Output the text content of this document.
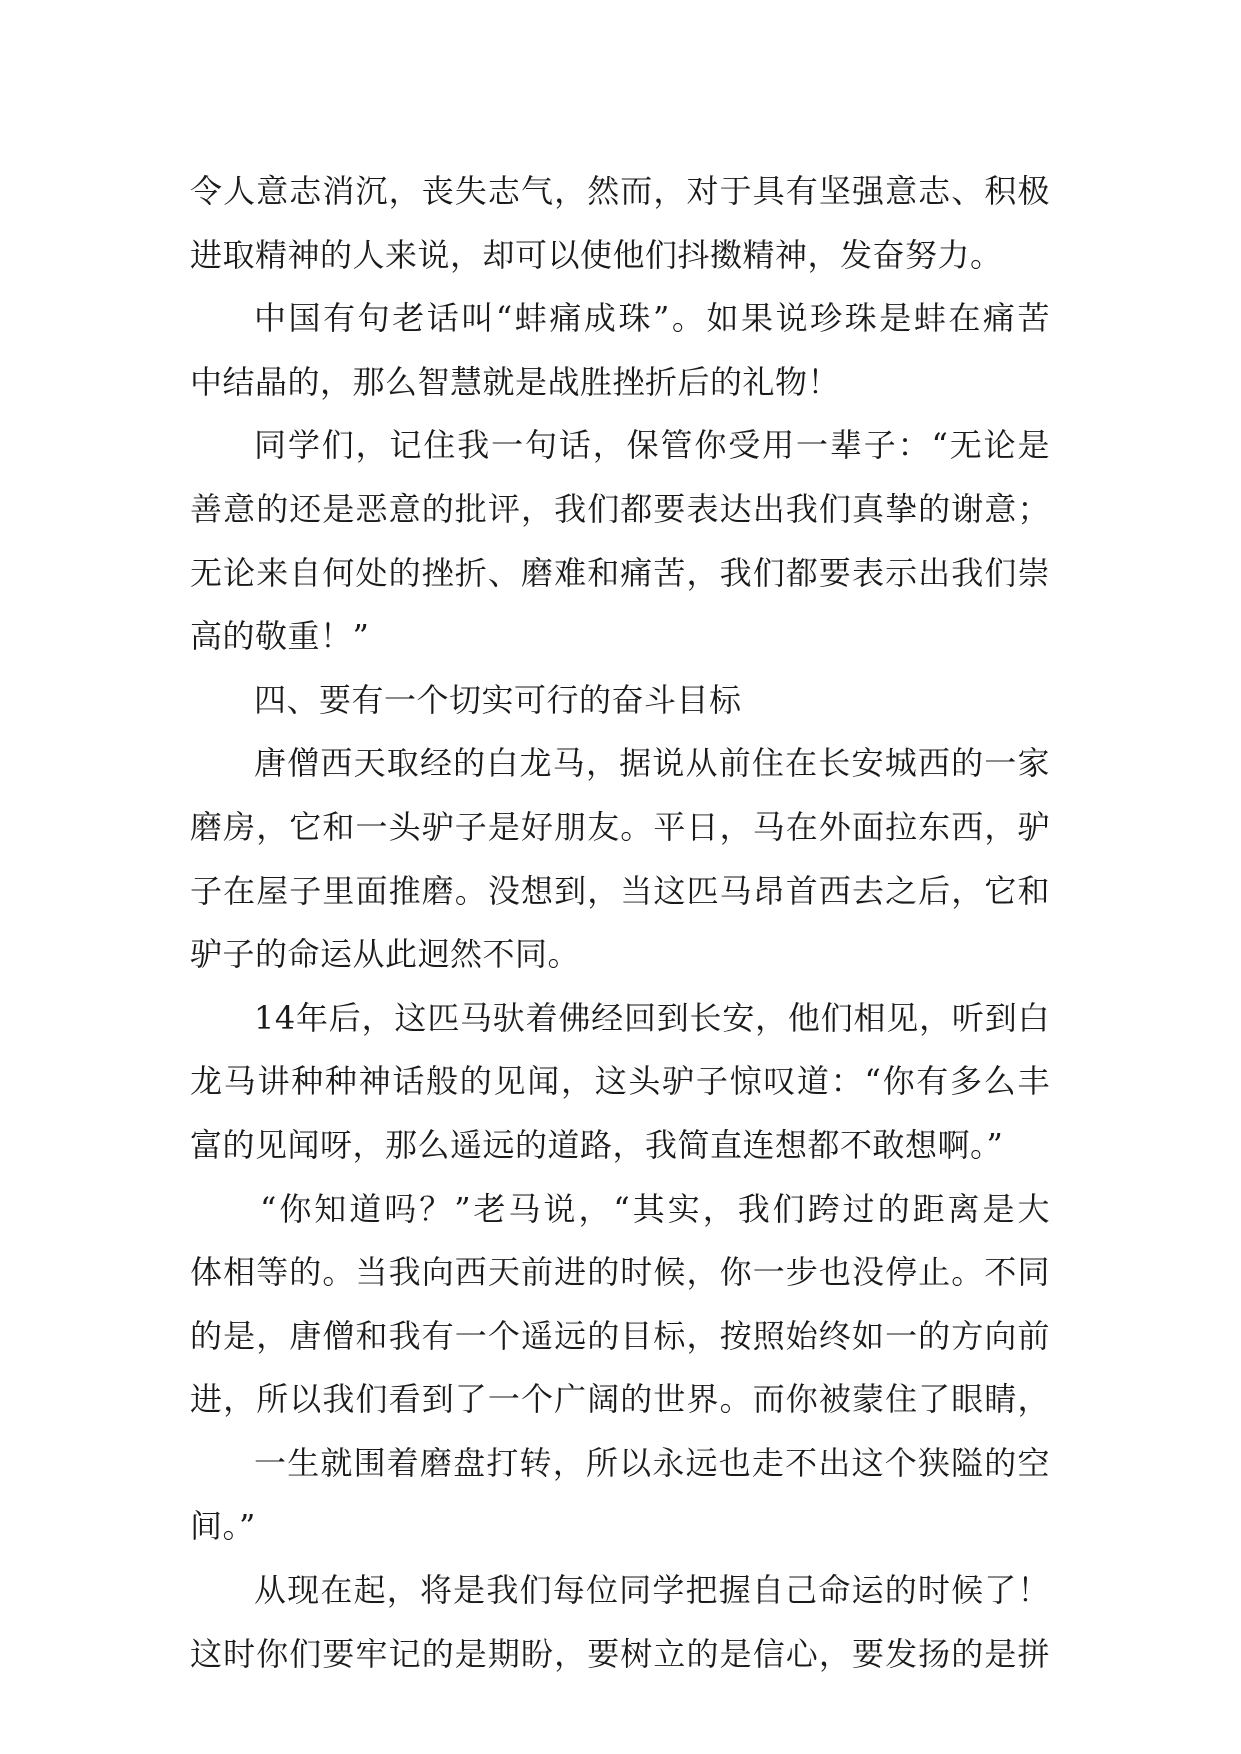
令人意志消沉，丧失志气，然而，对于具有坚强意志、积极
进取精神的人来说，却可以使他们抖擞精神，发奋努力。
中国有句老话叫“蚌痛成珠”。如果说珍珠是蚌在痛苦
中结晶的，那么智慧就是战胜挫折后的礼物！
同学们，记住我一句话，保管你受用一辈子：“无论是
善意的还是恶意的批评，我们都要表达出我们真挚的谢意；
无论来自何处的挫折、磨难和痛苦，我们都要表示出我们崇
高的敬重！”
四、要有一个切实可行的奋斗目标
唐僧西天取经的白龙马，据说从前住在长安城西的一家
磨房，它和一头驴子是好朋友。平日，马在外面拉东西，驴
子在屋子里面推磨。没想到，当这匹马昂首西去之后，它和
驴子的命运从此迥然不同。
14年后，这匹马驮着佛经回到长安，他们相见，听到白
龙马讲种种神话般的见闻，这头驴子惊叹道：“你有多么丰
富的见闻呀，那么遥远的道路，我简直连想都不敢想啊。”
“你知道吗？”老马说，“其实，我们跨过的距离是大
体相等的。当我向西天前进的时候，你一步也没停止。不同
的是，唐僧和我有一个遥远的目标，按照始终如一的方向前
进，所以我们看到了一个广阔的世界。而你被蒙住了眼睛，
一生就围着磨盘打转，所以永远也走不出这个狭隘的空
间。”
从现在起，将是我们每位同学把握自己命运的时候了！
这时你们要牢记的是期盼，要树立的是信心，要发扬的是拼
